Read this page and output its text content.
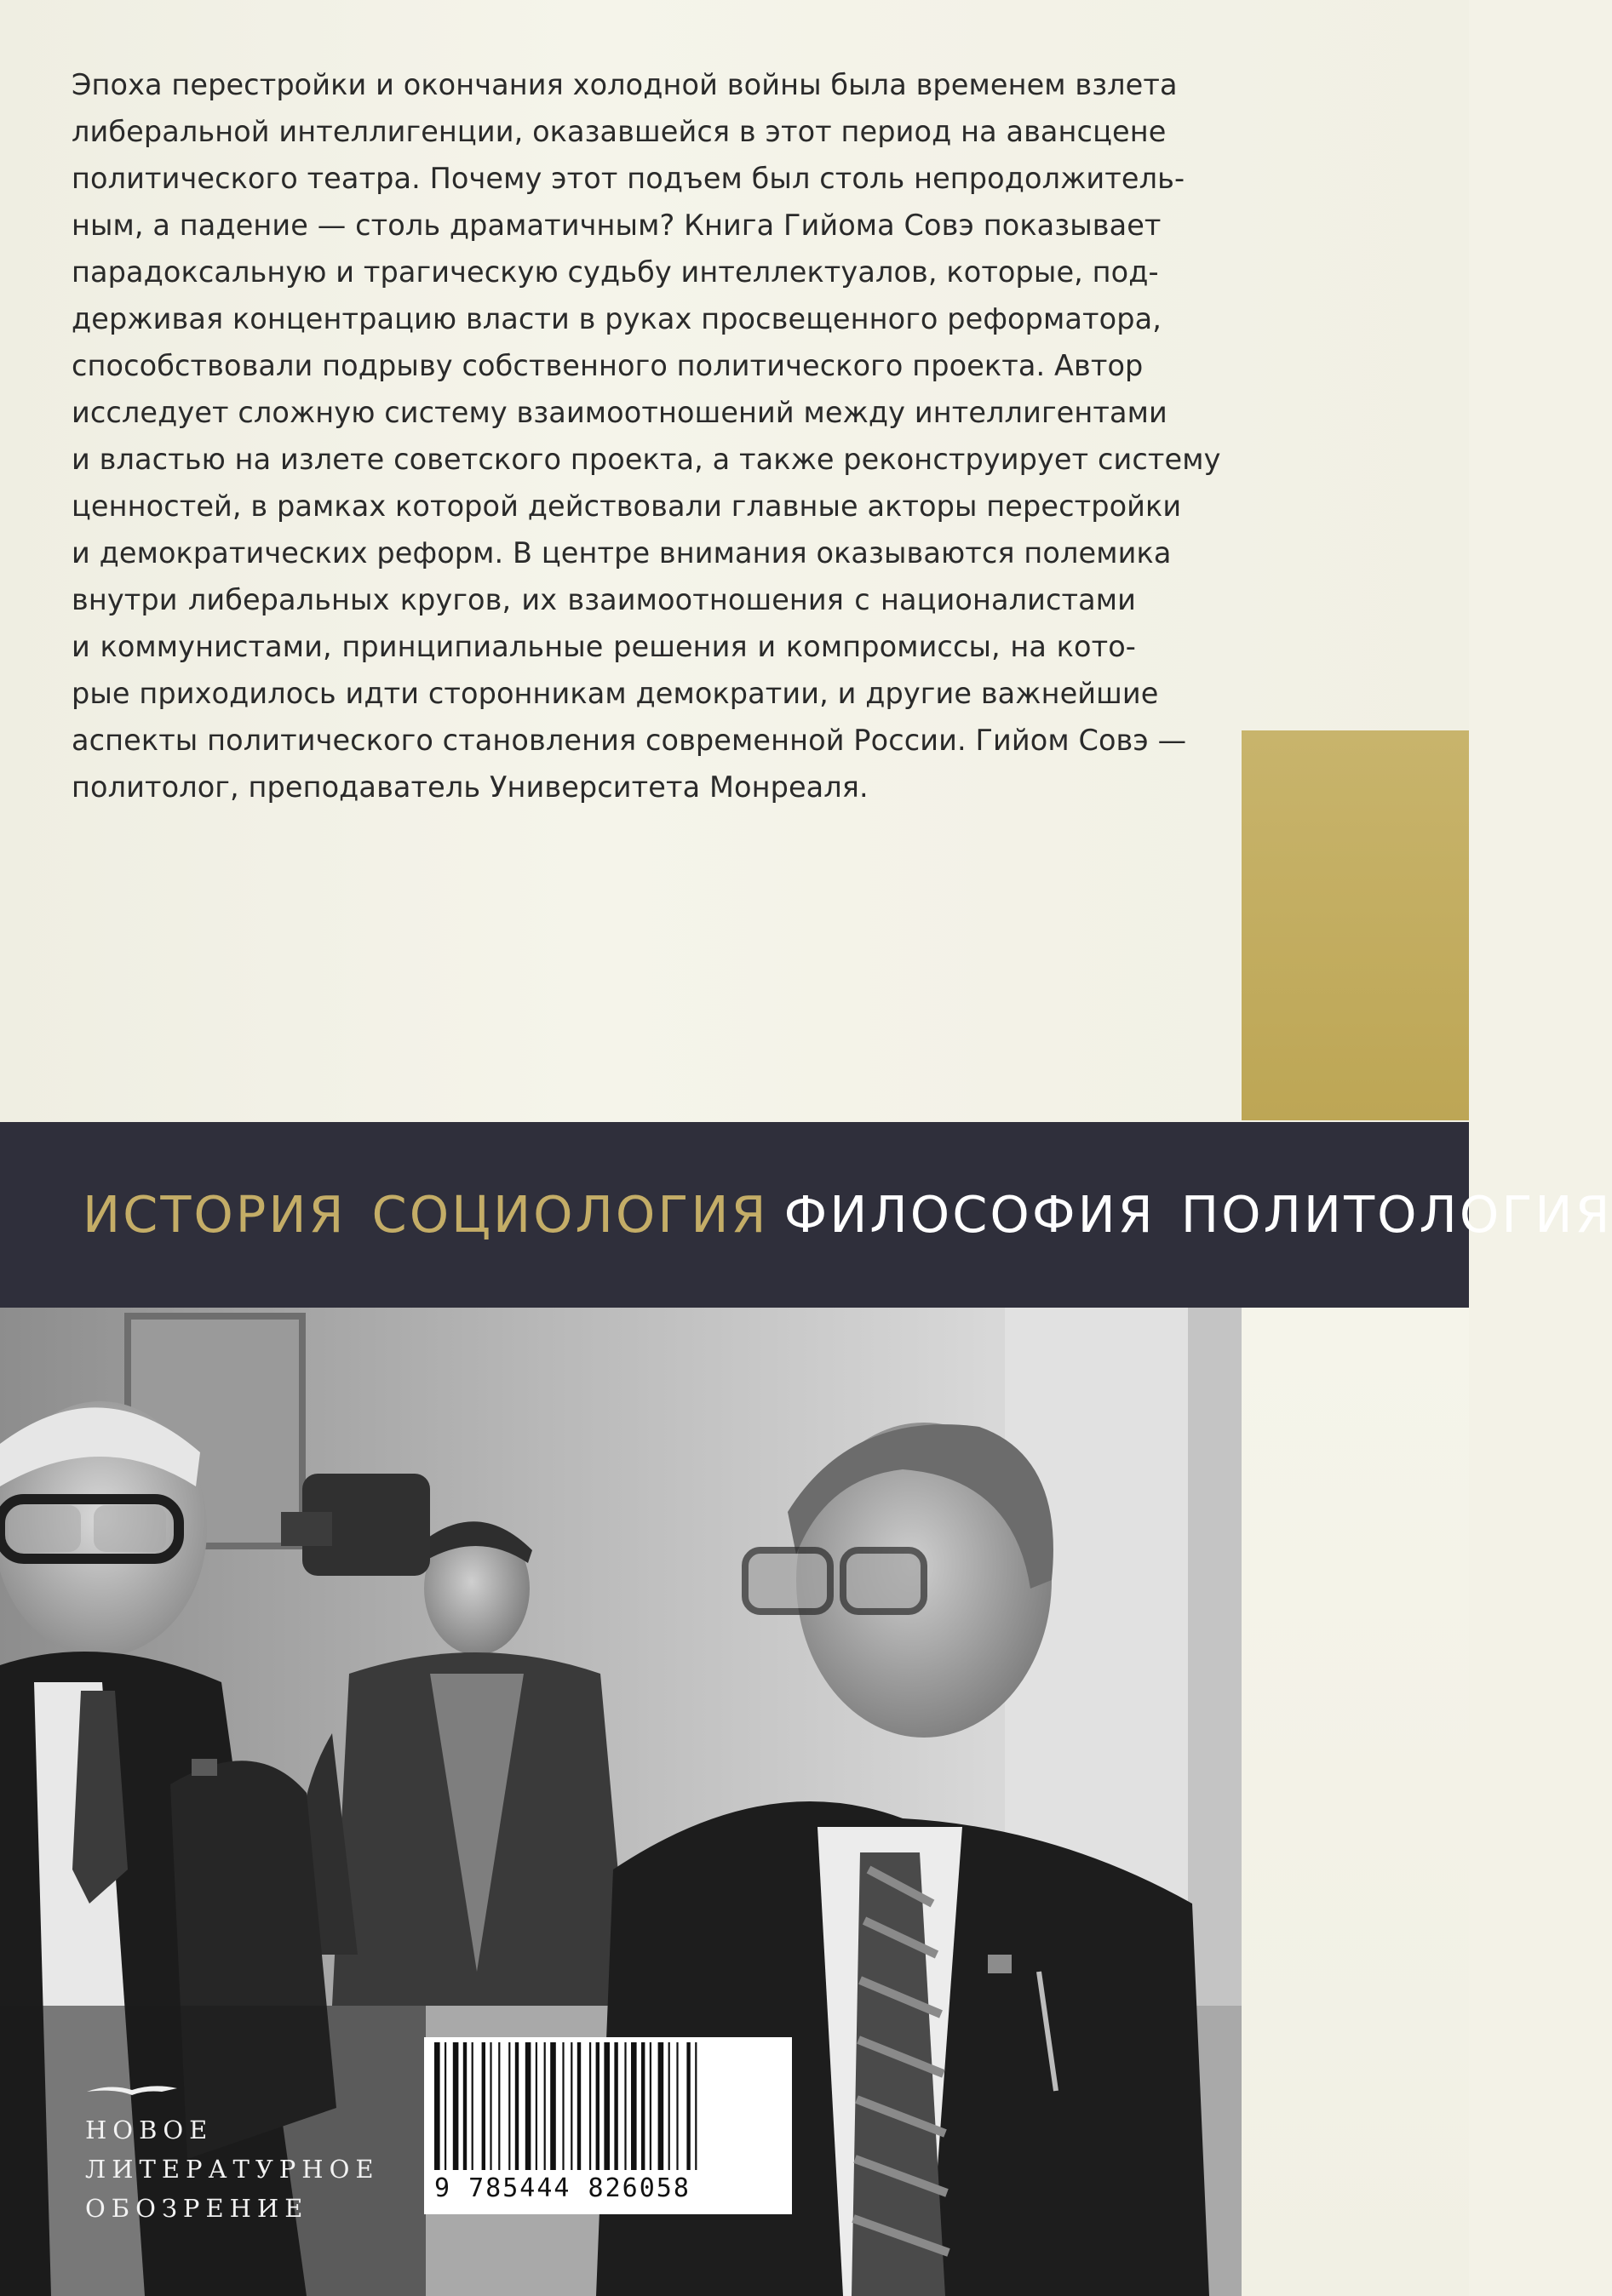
Эпоха перестройки и окончания холодной войны была временем взлета
либеральной интеллигенции, оказавшейся в этот период на авансцене
политического театра. Почему этот подъем был столь непродолжитель-
ным, а падение — столь драматичным? Книга Гийома Совэ показывает
парадоксальную и трагическую судьбу интеллектуалов, которые, под-
держивая концентрацию власти в руках просвещенного реформатора,
способствовали подрыву собственного политического проекта. Автор
исследует сложную систему взаимоотношений между интеллигентами
и властью на излете советского проекта, а также реконструирует систему
ценностей, в рамках которой действовали главные акторы перестройки
и демократических реформ. В центре внимания оказываются полемика
внутри либеральных кругов, их взаимоотношения с националистами
и коммунистами, принципиальные решения и компромиссы, на кото-
рые приходилось идти сторонникам демократии, и другие важнейшие
аспекты политического становления современной России. Гийом Совэ —
политолог, преподаватель Университета Монреаля.
ИСТОРИЯ СОЦИОЛОГИЯ ФИЛОСОФИЯ ПОЛИТОЛОГИЯ
НОВОЕ
ЛИТЕРАТУРНОЕ
ОБОЗРЕНИЕ
9 785444 826058
